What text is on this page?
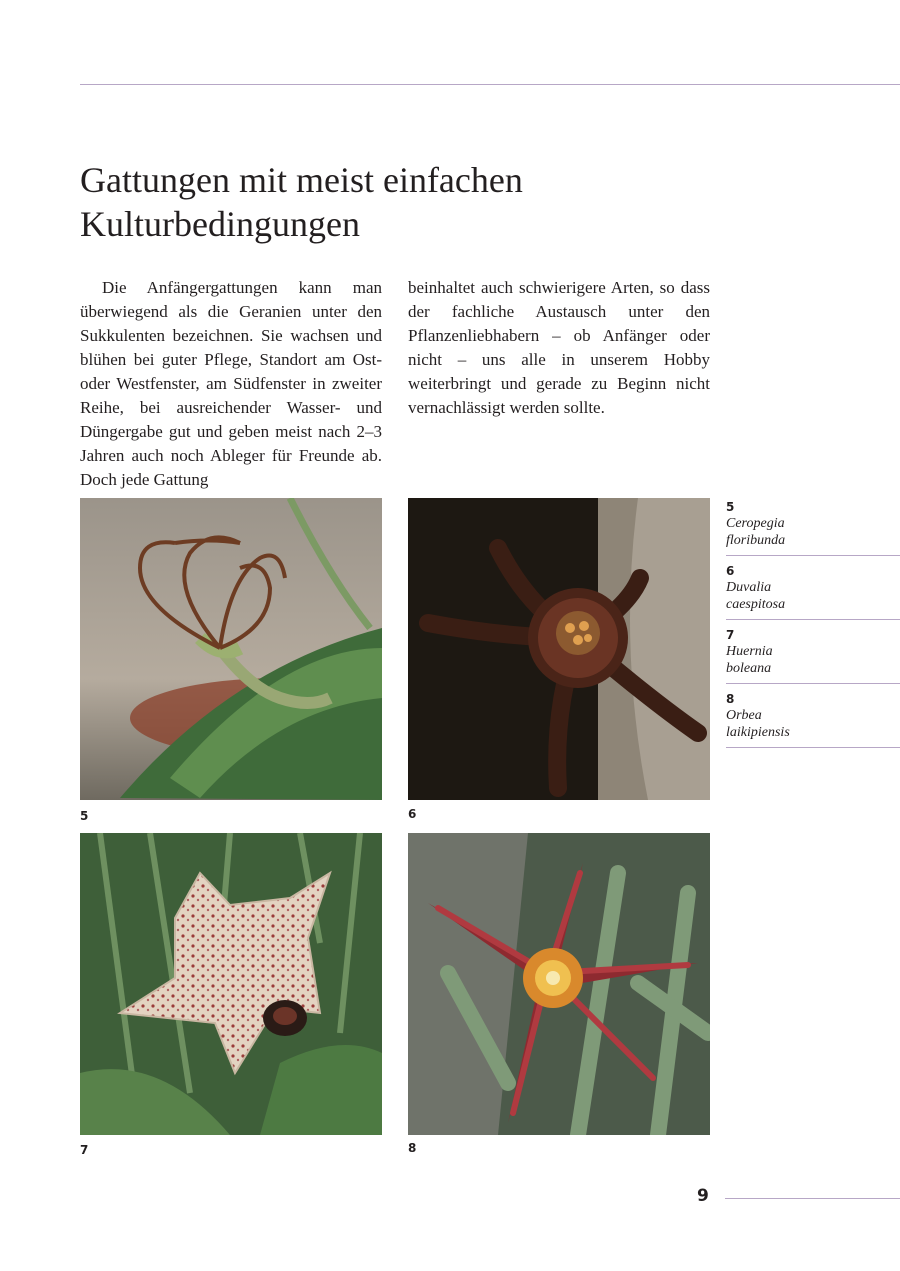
Gattungen mit meist einfachen
Kulturbedingungen

Die Anfängergattungen kann man überwiegend als die Geranien unter den Sukkulenten bezeichnen. Sie wachsen und blühen bei guter Pflege, Standort am Ost- oder Westfenster, am Südfenster in zweiter Reihe, bei ausreichender Wasser- und Düngergabe gut und geben meist nach 2–3 Jahren auch noch Ableger für Freunde ab. Doch jede Gattung

beinhaltet auch schwierigere Arten, so dass der fachliche Austausch unter den Pflanzenliebhabern – ob Anfänger oder nicht – uns alle in unserem Hobby weiterbringt und gerade zu Beginn nicht vernachlässigt werden sollte.

5	6
7	8
5
Ceropegia
floribunda
6
Duvalia
caespitosa
7
Huernia
boleana
8
Orbea
laikipiensis
9
